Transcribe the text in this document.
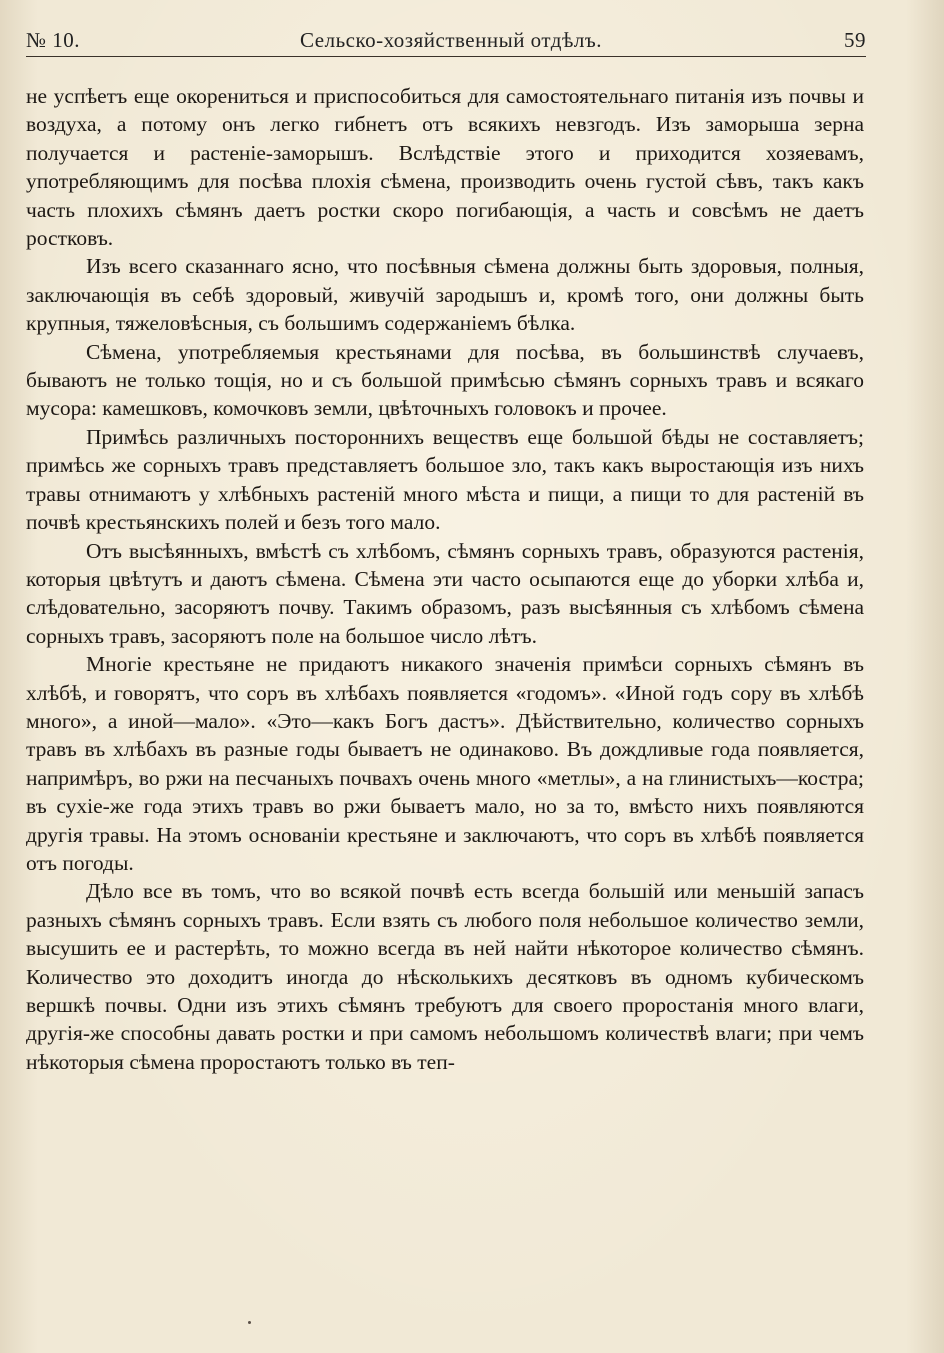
№ 10.	Сельско-хозяйственный отдѣлъ.	59

не успѣетъ еще окорениться и приспособиться для самостоятельнаго питанія изъ почвы и воздуха, а потому онъ легко гибнетъ отъ всякихъ невзгодъ. Изъ заморыша зерна получается и растеніе-заморышъ. Вслѣдствіе этого и приходится хозяевамъ, употребляющимъ для посѣва плохія сѣмена, производить очень густой сѣвъ, такъ какъ часть плохихъ сѣмянъ даетъ ростки скоро погибающія, а часть и совсѣмъ не даетъ ростковъ.

Изъ всего сказаннаго ясно, что посѣвныя сѣмена должны быть здоровыя, полныя, заключающія въ себѣ здоровый, живучій зародышъ и, кромѣ того, они должны быть крупныя, тяжеловѣсныя, съ большимъ содержаніемъ бѣлка.

Сѣмена, употребляемыя крестьянами для посѣва, въ большинствѣ случаевъ, бываютъ не только тощія, но и съ большой примѣсью сѣмянъ сорныхъ травъ и всякаго мусора: камешковъ, комочковъ земли, цвѣточныхъ головокъ и прочее.

Примѣсь различныхъ постороннихъ веществъ еще большой бѣды не составляетъ; примѣсь же сорныхъ травъ представляетъ большое зло, такъ какъ выростающія изъ нихъ травы отнимаютъ у хлѣбныхъ растеній много мѣста и пищи, а пищи то для растеній въ почвѣ крестьянскихъ полей и безъ того мало.

Отъ высѣянныхъ, вмѣстѣ съ хлѣбомъ, сѣмянъ сорныхъ травъ, образуются растенія, которыя цвѣтутъ и даютъ сѣмена. Сѣмена эти часто осыпаются еще до уборки хлѣба и, слѣдовательно, засоряютъ почву. Такимъ образомъ, разъ высѣянныя съ хлѣбомъ сѣмена сорныхъ травъ, засоряютъ поле на большое число лѣтъ.

Многіе крестьяне не придаютъ никакого значенія примѣси сорныхъ сѣмянъ въ хлѣбѣ, и говорятъ, что соръ въ хлѣбахъ появляется «годомъ». «Иной годъ сору въ хлѣбѣ много», а иной—мало». «Это—какъ Богъ дастъ». Дѣйствительно, количество сорныхъ травъ въ хлѣбахъ въ разные годы бываетъ не одинаково. Въ дождливые года появляется, напримѣръ, во ржи на песчаныхъ почвахъ очень много «метлы», а на глинистыхъ—костра; въ сухіе-же года этихъ травъ во ржи бываетъ мало, но за то, вмѣсто нихъ появляются другія травы. На этомъ основаніи крестьяне и заключаютъ, что соръ въ хлѣбѣ появляется отъ погоды.

Дѣло все въ томъ, что во всякой почвѣ есть всегда большій или меньшій запасъ разныхъ сѣмянъ сорныхъ травъ. Если взять съ любого поля небольшое количество земли, высушить ее и растерѣть, то можно всегда въ ней найти нѣкоторое количество сѣмянъ. Количество это доходитъ иногда до нѣсколькихъ десятковъ въ одномъ кубическомъ вершкѣ почвы. Одни изъ этихъ сѣмянъ требуютъ для своего проростанія много влаги, другія-же способны давать ростки и при самомъ небольшомъ количествѣ влаги; при чемъ нѣкоторыя сѣмена проростаютъ только въ теп-
